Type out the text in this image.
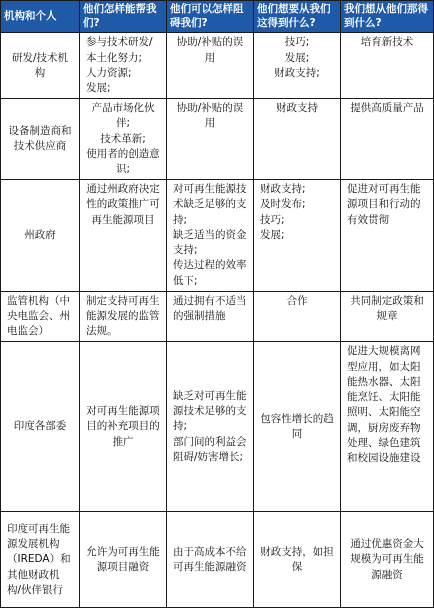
机构和个人	他们怎样能帮我们?	他们可以怎样阻碍我们?	他们想要从我们这得到什么?	我们想从他们那得到什么?

研发/技术机构	参与技术研发/本土化努力;
人力资源;
发展;	协助/补贴的误用	技巧;
发展;
财政支持;	培育新技术

设备制造商和技术供应商	产品市场化伙伴;
技术革新;
使用者的创造意识;	协助/补贴的误用	财政支持	提供高质量产品

州政府	通过州政府决定性的政策推广可再生能源项目	对可再生能源技术缺乏足够的支持;
缺乏适当的资金支持;
传达过程的效率低下;	财政支持;
及时发布;
技巧;
发展;	促进对可再生能源项目和行动的有效贯彻

监管机构（中央电监会、州电监会）	制定支持可再生能源发展的监管法规。	通过拥有不适当的强制措施	合作	共同制定政策和规章

印度各部委	对可再生能源项目的补充项目的推广	缺乏对可再生能源技术足够的支持;
部门间的利益会阻碍/妨害增长;	包容性增长的趋同	促进大规模离网型应用，如太阳能热水器、太阳能烹饪、太阳能照明、太阳能空调，厨房废弃物处理、绿色建筑和校园设施建设

印度可再生能源发展机构（IREDA）和其他财政机构/伙伴银行	允许为可再生能源项目融资	由于高成本不给可再生能源融资	财政支持，如担保	通过优惠资金大规模为可再生能源融资
